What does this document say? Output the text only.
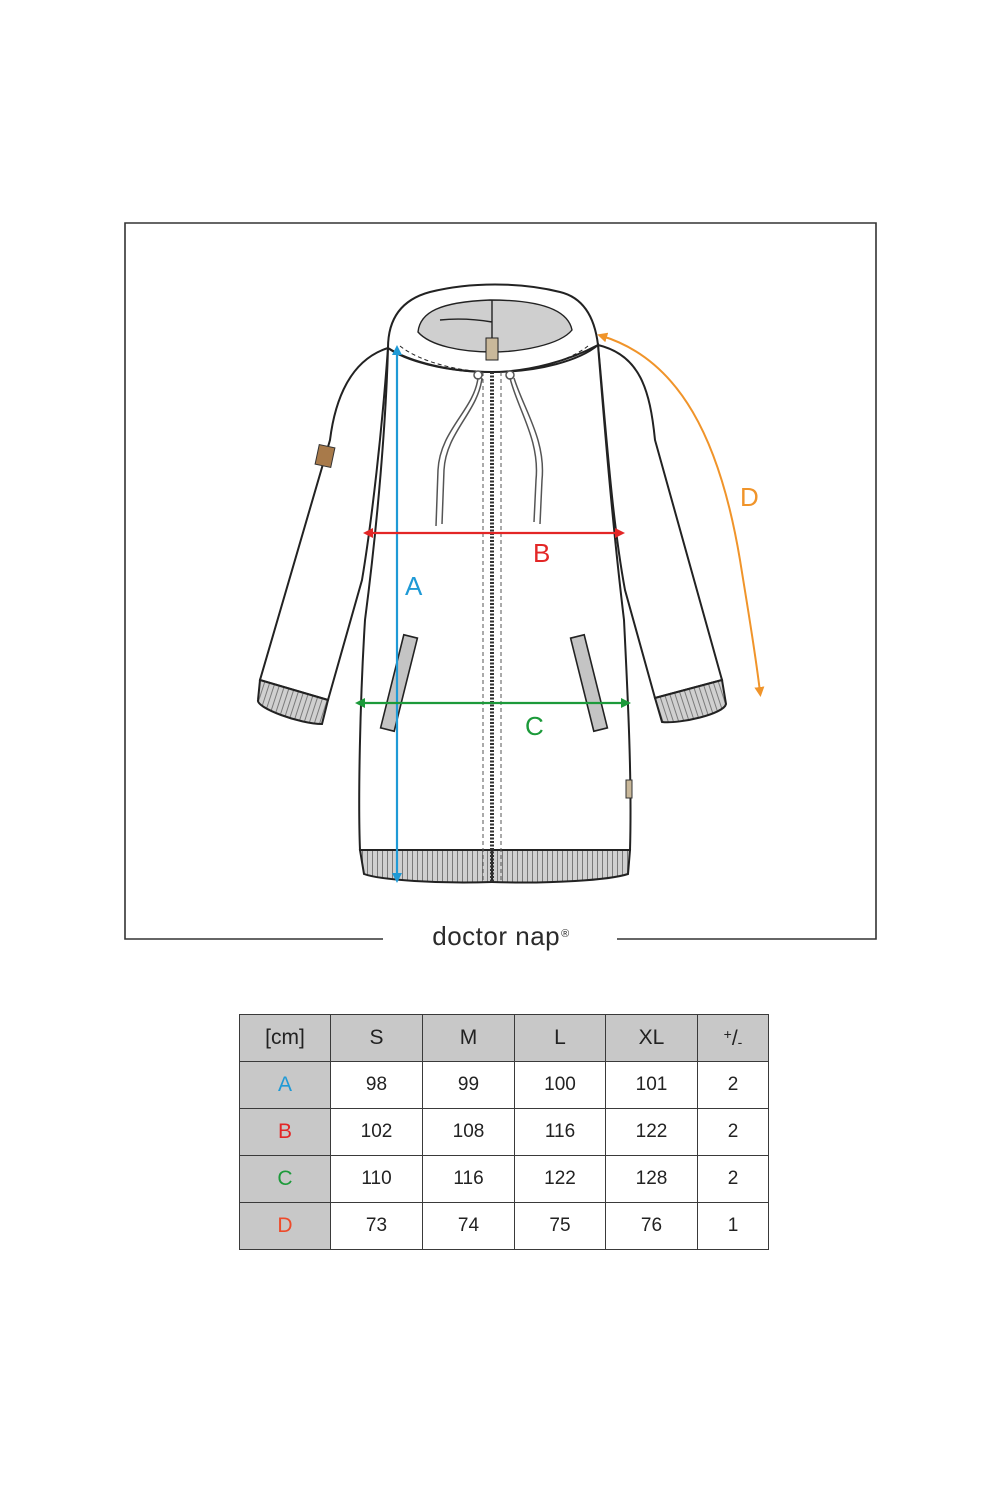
A
B
C
D
doctor nap®
[cm]	S	M	L	XL	+/-
A	98	99	100	101	2
B	102	108	116	122	2
C	110	116	122	128	2
D	73	74	75	76	1
